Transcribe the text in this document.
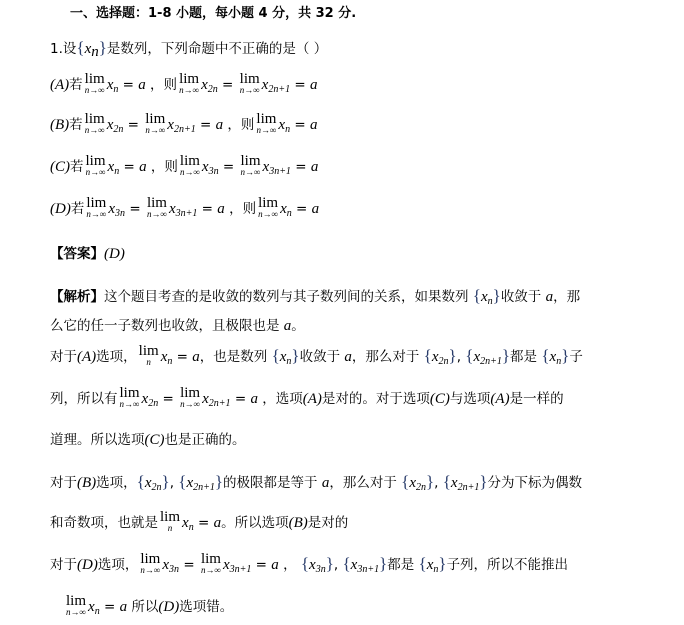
一、选择题：1-8 小题，每小题 4 分，共 32 分.
1.设$\{x_n\}$是数列，下列命题中不正确的是（ ）
(A)若 lim
n→∞ $x_n = a$ ，则 lim
n→∞ $x_{2n} = \lim$
n→∞ $x_{2n+1} = a$
(B)若 lim
n→∞ $x_{2n} = \lim$
n→∞ $x_{2n+1} = a$ ，则 lim
n→∞ $x_n = a$
(C)若 lim
n→∞ $x_n = a$ ，则 lim
n→∞ $x_{3n} = \lim$
n→∞ $x_{3n+1} = a$
(D)若 lim
n→∞ $x_{3n} = \lim$
n→∞ $x_{3n+1} = a$ ，则 lim
n→∞ $x_n = a$
【答案】(D)
【解析】这个题目考查的是收敛的数列与其子数列间的关系，如果数列 $\{x_n\}$收敛于 a，那
么它的任一子数列也收敛，且极限也是 a。
对于(A)选项， lim
n $x_n = a$，也是数列 $\{x_n\}$收敛于 a，那么对于 $\{x_{2n}\}$, $\{x_{2n+1}\}$都是 $\{x_n\}$子
列，所以有 lim
n→∞ $x_{2n} = \lim$
n→∞ $x_{2n+1} = a$ ，选项(A)是对的。对于选项(C)与选项(A)是一样的
道理。所以选项(C)也是正确的。
对于(B)选项，$\{x_{2n}\}$, $\{x_{2n+1}\}$的极限都是等于 a，那么对于 $\{x_{2n}\}$, $\{x_{2n+1}\}$分为下标为偶数
和奇数项，也就是 lim
n $x_n = a$。所以选项(B)是对的
对于(D)选项， lim
n→∞ $x_{3n} = \lim$
n→∞ $x_{3n+1} = a$ ， $\{x_{3n}\}$, $\{x_{3n+1}\}$都是 $\{x_n\}$子列，所以不能推出
lim
n→∞ $x_n = a$ 所以(D)选项错。
